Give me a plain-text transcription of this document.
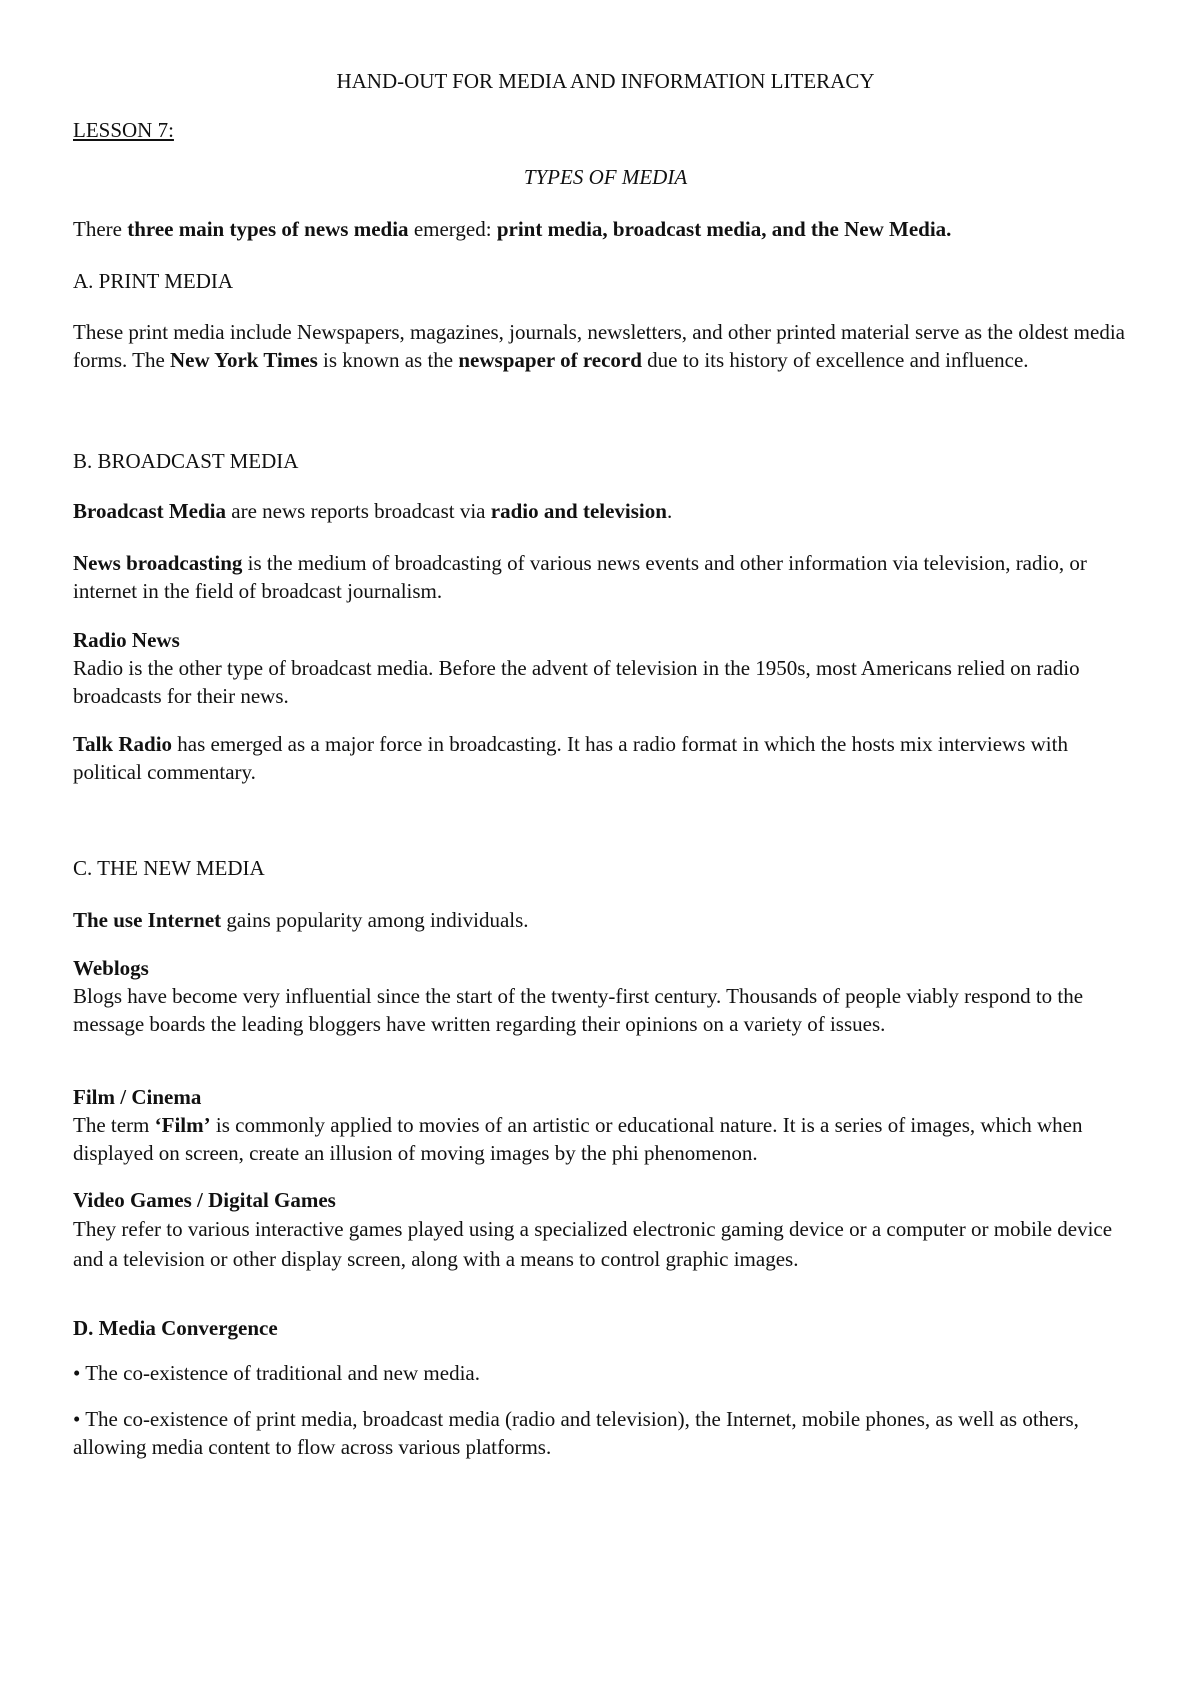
HAND-OUT FOR MEDIA AND INFORMATION LITERACY

LESSON 7:

TYPES OF MEDIA

There three main types of news media emerged: print media, broadcast media, and the New Media.

A. PRINT MEDIA

These print media include Newspapers, magazines, journals, newsletters, and other printed material serve as the oldest media forms. The New York Times is known as the newspaper of record due to its history of excellence and influence.

B. BROADCAST MEDIA

Broadcast Media are news reports broadcast via radio and television.

News broadcasting is the medium of broadcasting of various news events and other information via television, radio, or internet in the field of broadcast journalism.

Radio News
Radio is the other type of broadcast media. Before the advent of television in the 1950s, most Americans relied on radio broadcasts for their news.

Talk Radio has emerged as a major force in broadcasting. It has a radio format in which the hosts mix interviews with political commentary.

C. THE NEW MEDIA

The use Internet gains popularity among individuals.

Weblogs
Blogs have become very influential since the start of the twenty-first century. Thousands of people viably respond to the message boards the leading bloggers have written regarding their opinions on a variety of issues.
Film / Cinema
The term ‘Film’ is commonly applied to movies of an artistic or educational nature. It is a series of images, which when displayed on screen, create an illusion of moving images by the phi phenomenon.
Video Games / Digital Games
They refer to various interactive games played using a specialized electronic gaming device or a computer or mobile device and a television or other display screen, along with a means to control graphic images.

D. Media Convergence

• The co-existence of traditional and new media.

• The co-existence of print media, broadcast media (radio and television), the Internet, mobile phones, as well as others, allowing media content to flow across various platforms.
